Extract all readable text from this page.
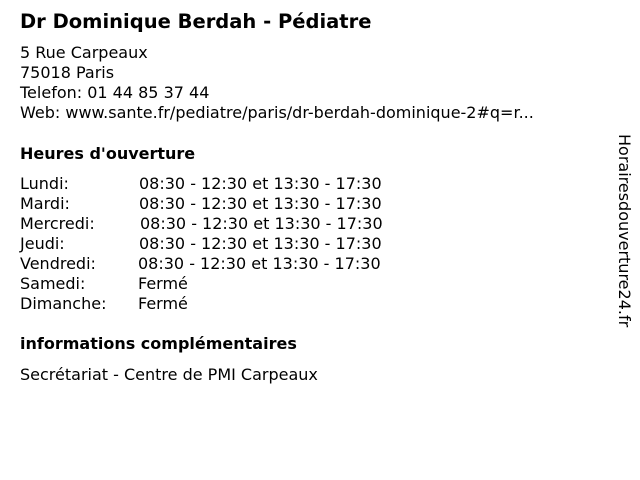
Dr Dominique Berdah - Pédiatre
5 Rue Carpeaux
75018 Paris
Telefon: 01 44 85 37 44
Web: www.sante.fr/pediatre/paris/dr-berdah-dominique-2#q=r...
Heures d'ouverture
Lundi:	08:30 - 12:30 et 13:30 - 17:30
Mardi:	08:30 - 12:30 et 13:30 - 17:30
Mercredi:	08:30 - 12:30 et 13:30 - 17:30
Jeudi:	08:30 - 12:30 et 13:30 - 17:30
Vendredi:	08:30 - 12:30 et 13:30 - 17:30
Samedi:	Fermé
Dimanche: Fermé
informations complémentaires
Secrétariat - Centre de PMI Carpeaux
Horairesdouverture24.fr
